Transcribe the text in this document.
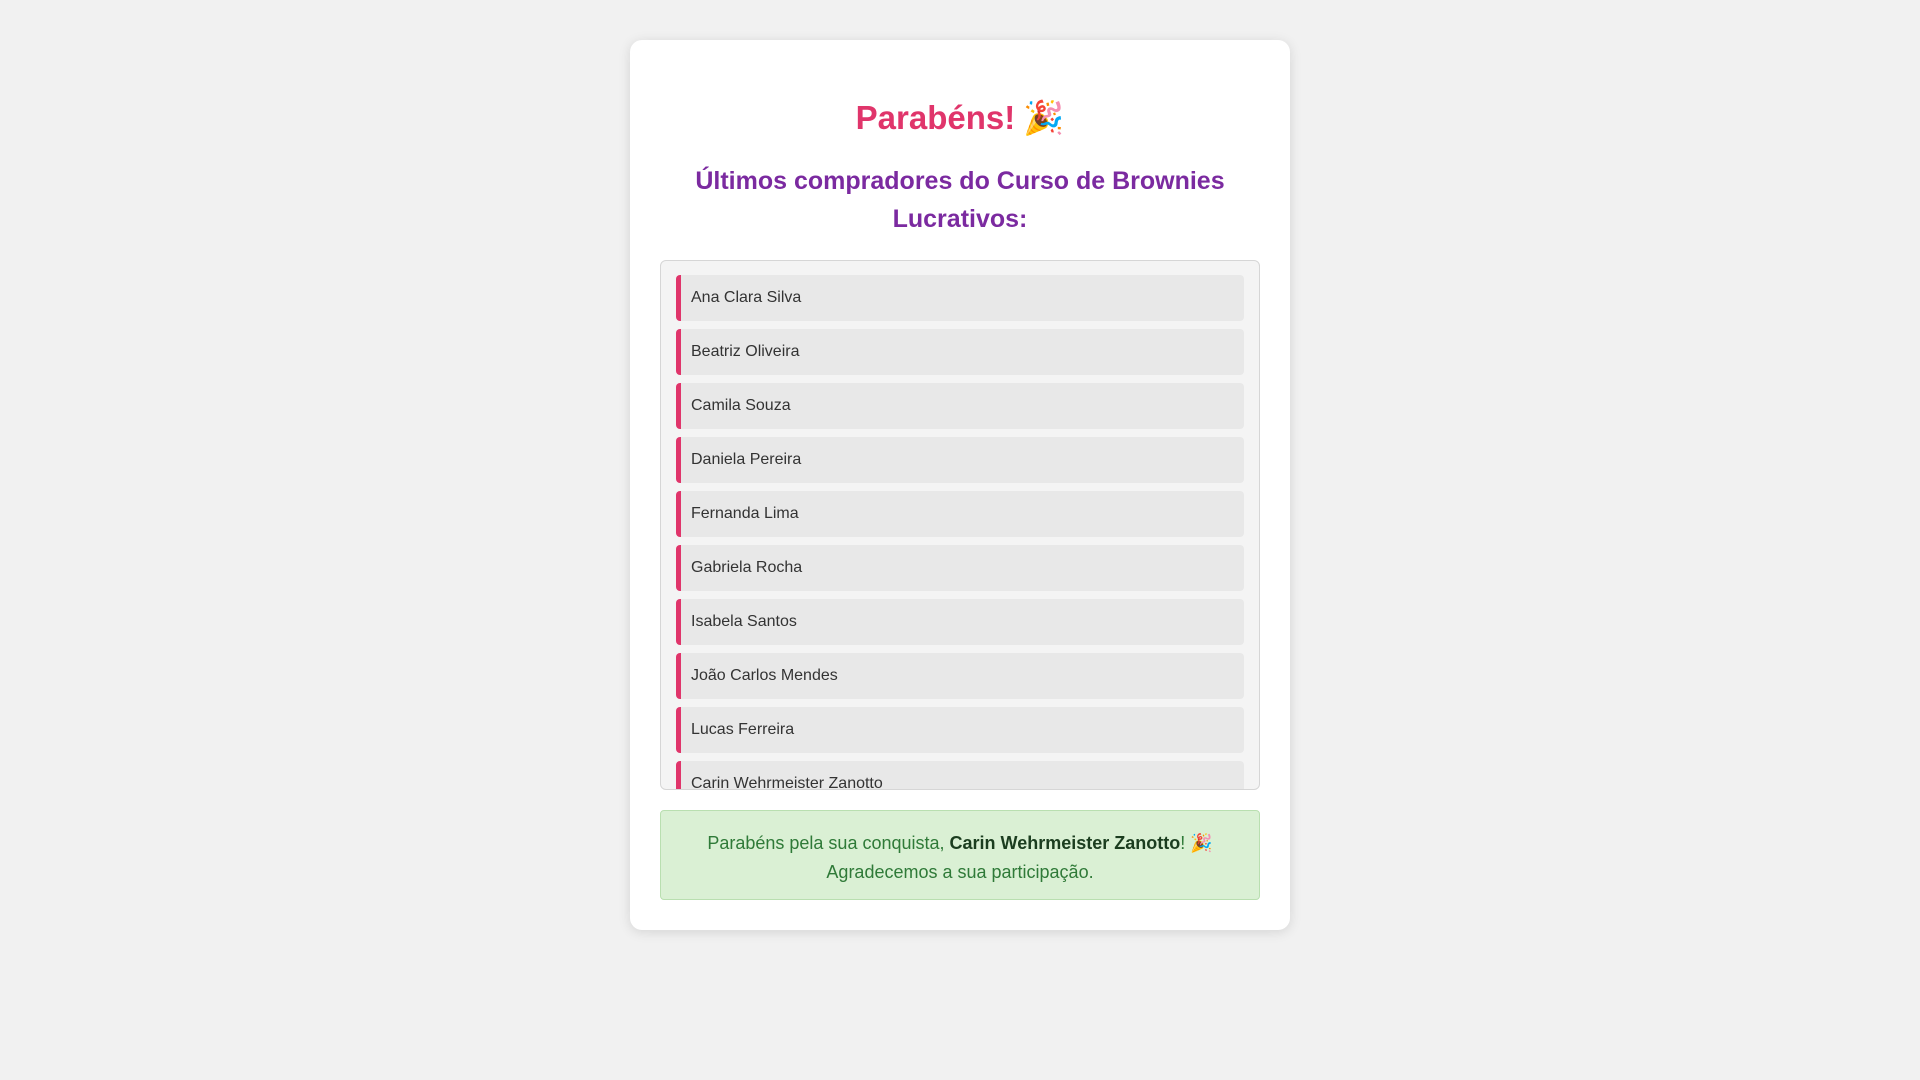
Parabéns! 🎉
Últimos compradores do Curso de Brownies Lucrativos:
Ana Clara Silva
Beatriz Oliveira
Camila Souza
Daniela Pereira
Fernanda Lima
Gabriela Rocha
Isabela Santos
João Carlos Mendes
Lucas Ferreira
Carin Wehrmeister Zanotto
Parabéns pela sua conquista, Carin Wehrmeister Zanotto! 🎉
Agradecemos a sua participação.
